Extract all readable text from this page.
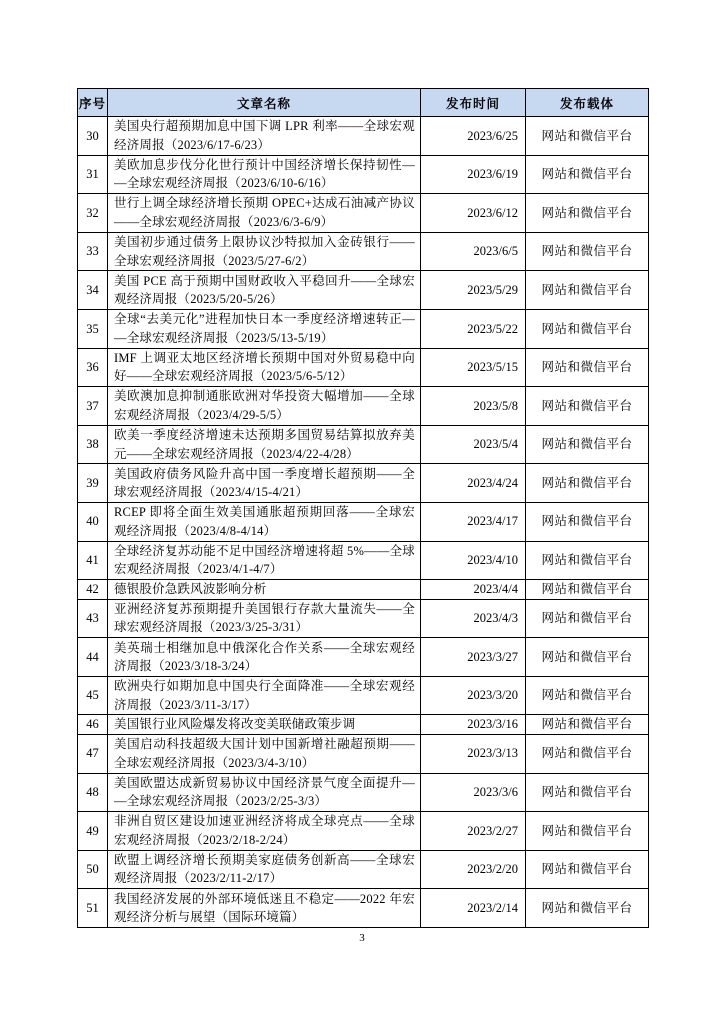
序号	文章名称	发布时间	发布载体
30	美国央行超预期加息中国下调 LPR 利率——全球宏观
经济周报（2023/6/17-6/23）	2023/6/25	网站和微信平台
31	美欧加息步伐分化世行预计中国经济增长保持韧性—
—全球宏观经济周报（2023/6/10-6/16）	2023/6/19	网站和微信平台
32	世行上调全球经济增长预期 OPEC+达成石油减产协议
——全球宏观经济周报（2023/6/3-6/9）	2023/6/12	网站和微信平台
33	美国初步通过债务上限协议沙特拟加入金砖银行——
全球宏观经济周报（2023/5/27-6/2）	2023/6/5	网站和微信平台
34	美国 PCE 高于预期中国财政收入平稳回升——全球宏
观经济周报（2023/5/20-5/26）	2023/5/29	网站和微信平台
35	全球“去美元化”进程加快日本一季度经济增速转正—
—全球宏观经济周报（2023/5/13-5/19）	2023/5/22	网站和微信平台
36	IMF 上调亚太地区经济增长预期中国对外贸易稳中向
好——全球宏观经济周报（2023/5/6-5/12）	2023/5/15	网站和微信平台
37	美欧澳加息抑制通胀欧洲对华投资大幅增加——全球
宏观经济周报（2023/4/29-5/5）	2023/5/8	网站和微信平台
38	欧美一季度经济增速未达预期多国贸易结算拟放弃美
元——全球宏观经济周报（2023/4/22-4/28）	2023/5/4	网站和微信平台
39	美国政府债务风险升高中国一季度增长超预期——全
球宏观经济周报（2023/4/15-4/21）	2023/4/24	网站和微信平台
40	RCEP 即将全面生效美国通胀超预期回落——全球宏
观经济周报（2023/4/8-4/14）	2023/4/17	网站和微信平台
41	全球经济复苏动能不足中国经济增速将超 5%——全球
宏观经济周报（2023/4/1-4/7）	2023/4/10	网站和微信平台
42	德银股价急跌风波影响分析	2023/4/4	网站和微信平台
43	亚洲经济复苏预期提升美国银行存款大量流失——全
球宏观经济周报（2023/3/25-3/31）	2023/4/3	网站和微信平台
44	美英瑞士相继加息中俄深化合作关系——全球宏观经
济周报（2023/3/18-3/24）	2023/3/27	网站和微信平台
45	欧洲央行如期加息中国央行全面降准——全球宏观经
济周报（2023/3/11-3/17）	2023/3/20	网站和微信平台
46	美国银行业风险爆发将改变美联储政策步调	2023/3/16	网站和微信平台
47	美国启动科技超级大国计划中国新增社融超预期——
全球宏观经济周报（2023/3/4-3/10）	2023/3/13	网站和微信平台
48	美国欧盟达成新贸易协议中国经济景气度全面提升—
—全球宏观经济周报（2023/2/25-3/3）	2023/3/6	网站和微信平台
49	非洲自贸区建设加速亚洲经济将成全球亮点——全球
宏观经济周报（2023/2/18-2/24）	2023/2/27	网站和微信平台
50	欧盟上调经济增长预期美家庭债务创新高——全球宏
观经济周报（2023/2/11-2/17）	2023/2/20	网站和微信平台
51	我国经济发展的外部环境低迷且不稳定——2022 年宏
观经济分析与展望（国际环境篇）	2023/2/14	网站和微信平台
3
